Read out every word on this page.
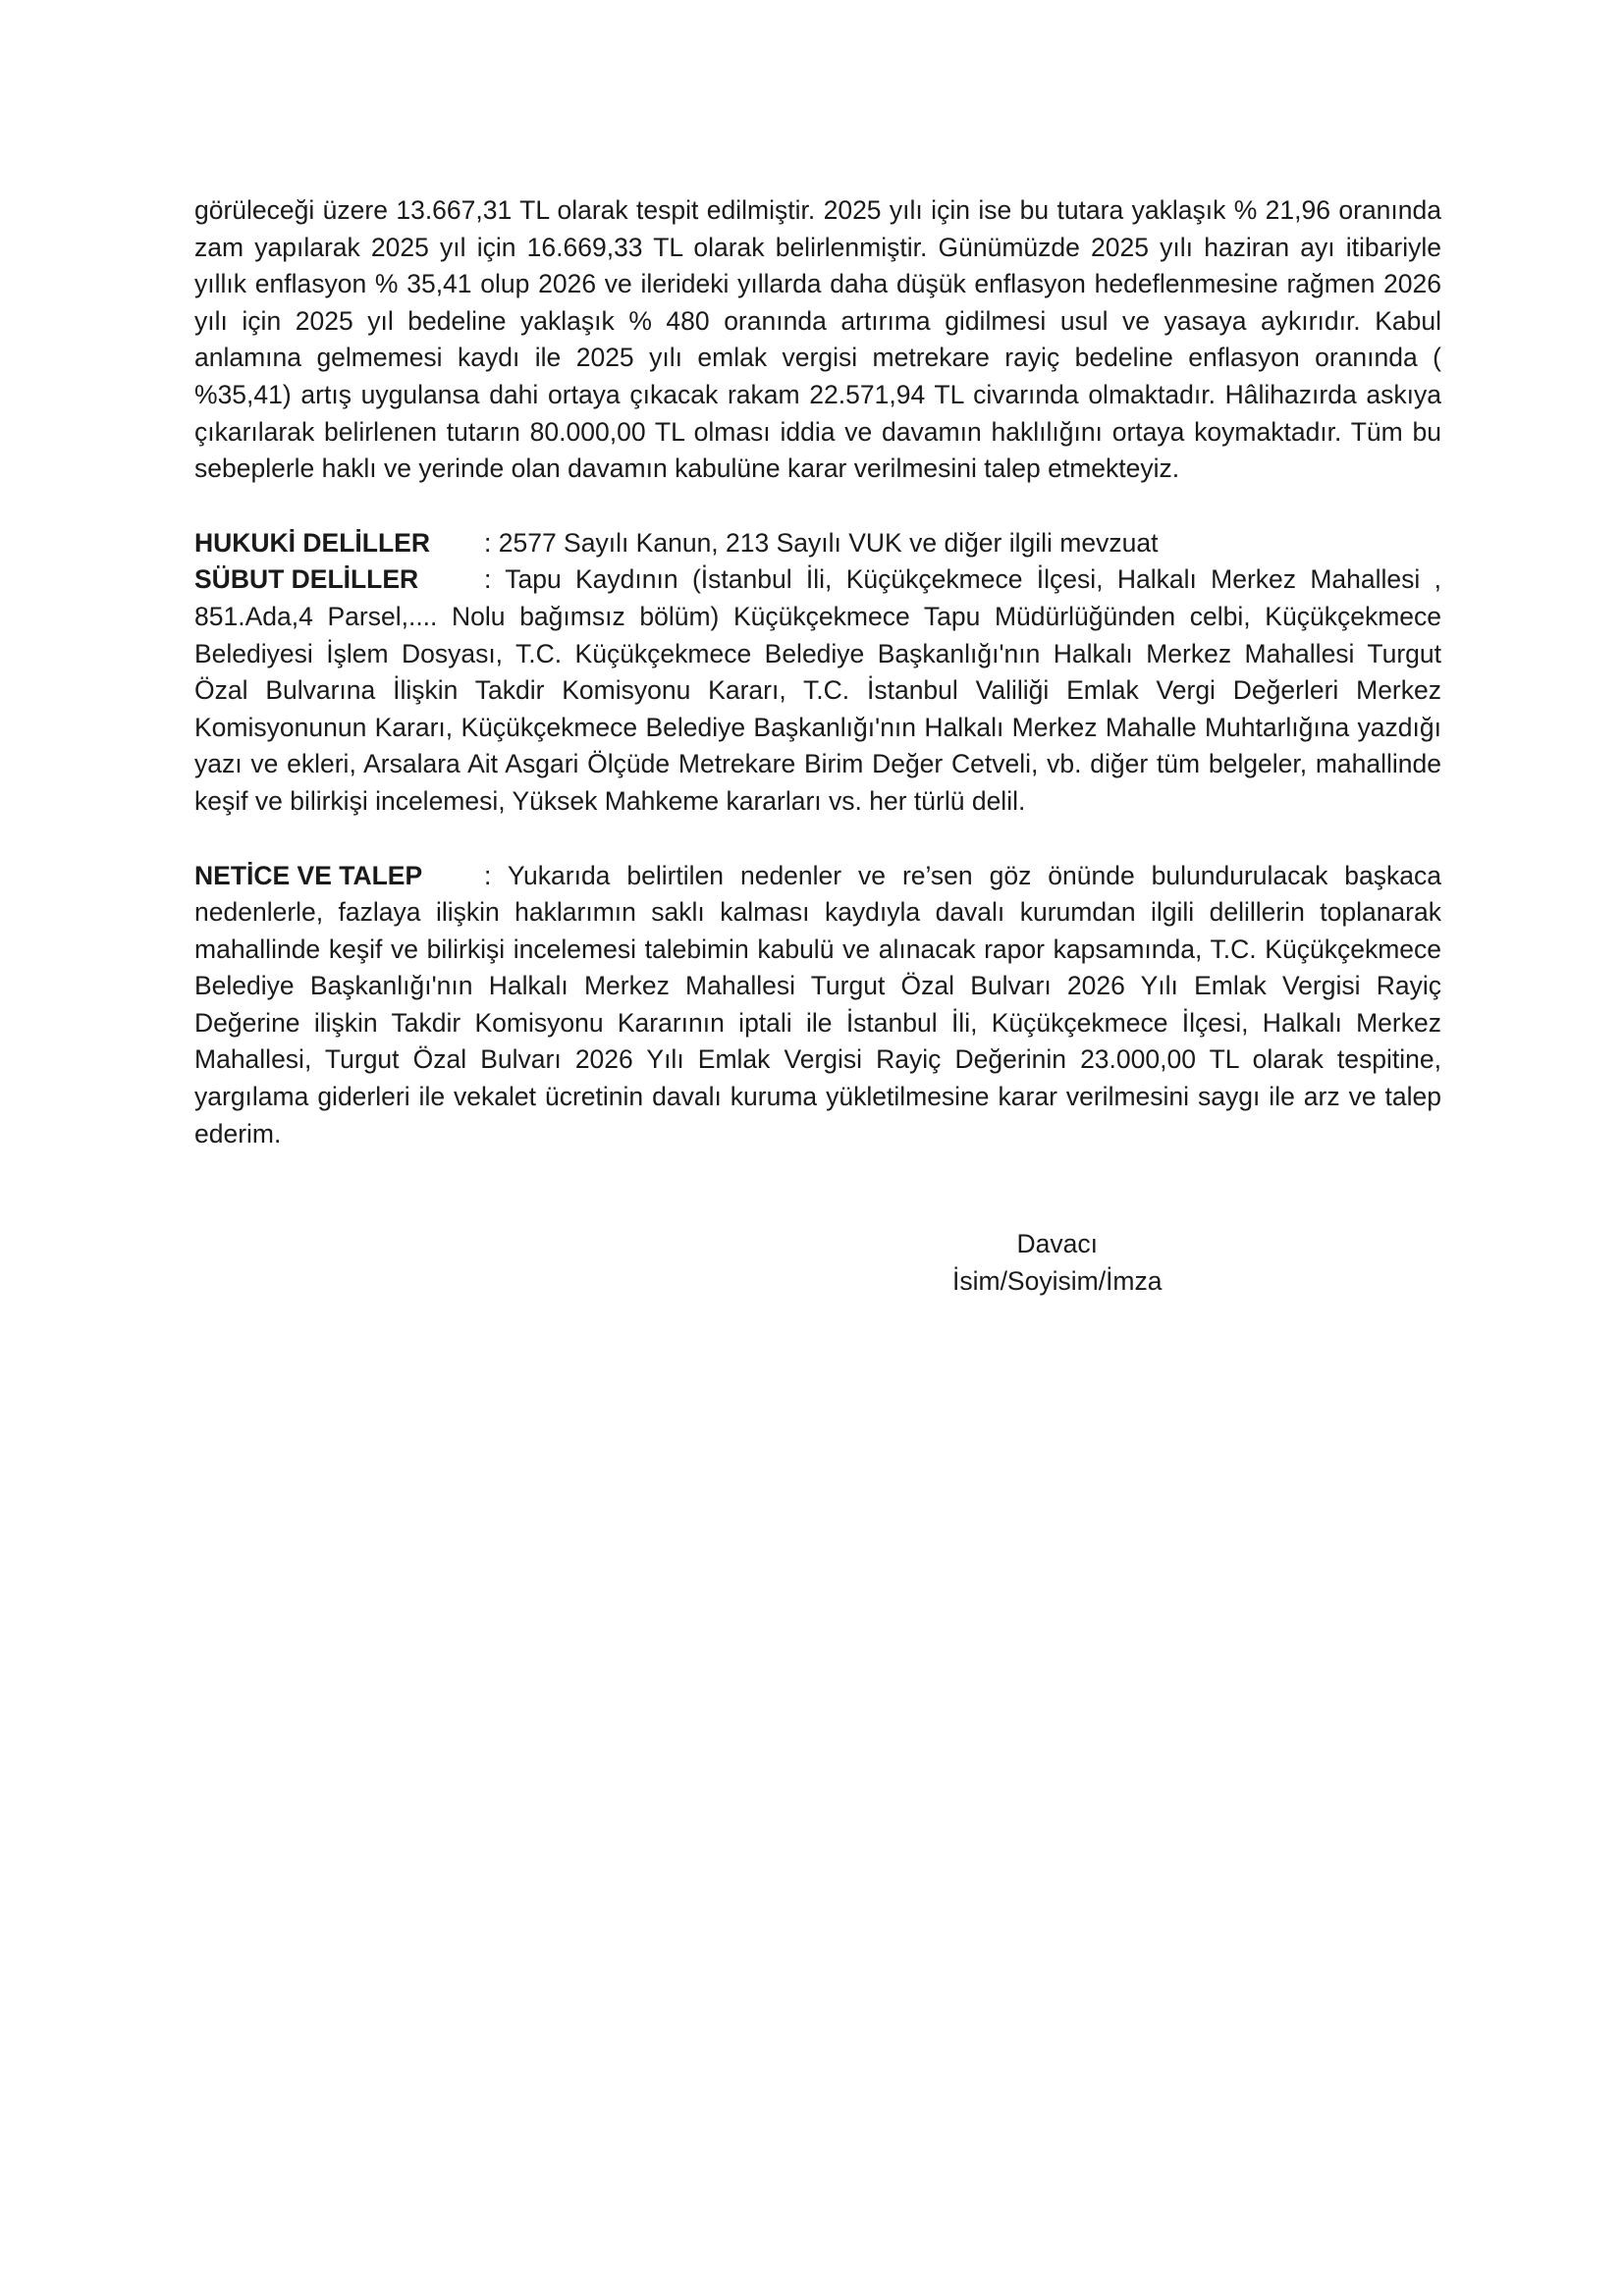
görüleceği üzere 13.667,31 TL olarak tespit edilmiştir. 2025 yılı için ise bu tutara yaklaşık % 21,96 oranında zam yapılarak 2025 yıl için 16.669,33 TL olarak belirlenmiştir. Günümüzde 2025 yılı haziran ayı itibariyle yıllık enflasyon % 35,41 olup 2026 ve ilerideki yıllarda daha düşük enflasyon hedeflenmesine rağmen 2026 yılı için 2025 yıl bedeline yaklaşık % 480 oranında artırıma gidilmesi usul ve yasaya aykırıdır. Kabul anlamına gelmemesi kaydı ile 2025 yılı emlak vergisi metrekare rayiç bedeline enflasyon oranında ( %35,41) artış uygulansa dahi ortaya çıkacak rakam 22.571,94 TL civarında olmaktadır. Hâlihazırda askıya çıkarılarak belirlenen tutarın 80.000,00 TL olması iddia ve davamın haklılığını ortaya koymaktadır. Tüm bu sebeplerle haklı ve yerinde olan davamın kabulüne karar verilmesini talep etmekteyiz.

HUKUKİ DELİLLER : 2577 Sayılı Kanun, 213 Sayılı VUK ve diğer ilgili mevzuat
SÜBUT DELİLLER	: Tapu Kaydının (İstanbul İli, Küçükçekmece İlçesi, Halkalı Merkez Mahallesi , 851.Ada,4 Parsel,.... Nolu bağımsız bölüm) Küçükçekmece Tapu Müdürlüğünden celbi, Küçükçekmece Belediyesi İşlem Dosyası, T.C. Küçükçekmece Belediye Başkanlığı'nın Halkalı Merkez Mahallesi Turgut Özal Bulvarına İlişkin Takdir Komisyonu Kararı, T.C. İstanbul Valiliği Emlak Vergi Değerleri Merkez Komisyonunun Kararı, Küçükçekmece Belediye Başkanlığı'nın Halkalı Merkez Mahalle Muhtarlığına yazdığı yazı ve ekleri, Arsalara Ait Asgari Ölçüde Metrekare Birim Değer Cetveli, vb. diğer tüm belgeler, mahallinde keşif ve bilirkişi incelemesi, Yüksek Mahkeme kararları vs. her türlü delil.
NETİCE VE TALEP : Yukarıda belirtilen nedenler ve re’sen göz önünde bulundurulacak başkaca nedenlerle, fazlaya ilişkin haklarımın saklı kalması kaydıyla davalı kurumdan ilgili delillerin toplanarak mahallinde keşif ve bilirkişi incelemesi talebimin kabulü ve alınacak rapor kapsamında, T.C. Küçükçekmece Belediye Başkanlığı'nın Halkalı Merkez Mahallesi Turgut Özal Bulvarı 2026 Yılı Emlak Vergisi Rayiç Değerine ilişkin Takdir Komisyonu Kararının iptali ile İstanbul İli, Küçükçekmece İlçesi, Halkalı Merkez Mahallesi, Turgut Özal Bulvarı 2026 Yılı Emlak Vergisi Rayiç Değerinin 23.000,00 TL olarak tespitine, yargılama giderleri ile vekalet ücretinin davalı kuruma yükletilmesine karar verilmesini saygı ile arz ve talep ederim.
Davacı
İsim/Soyisim/İmza
